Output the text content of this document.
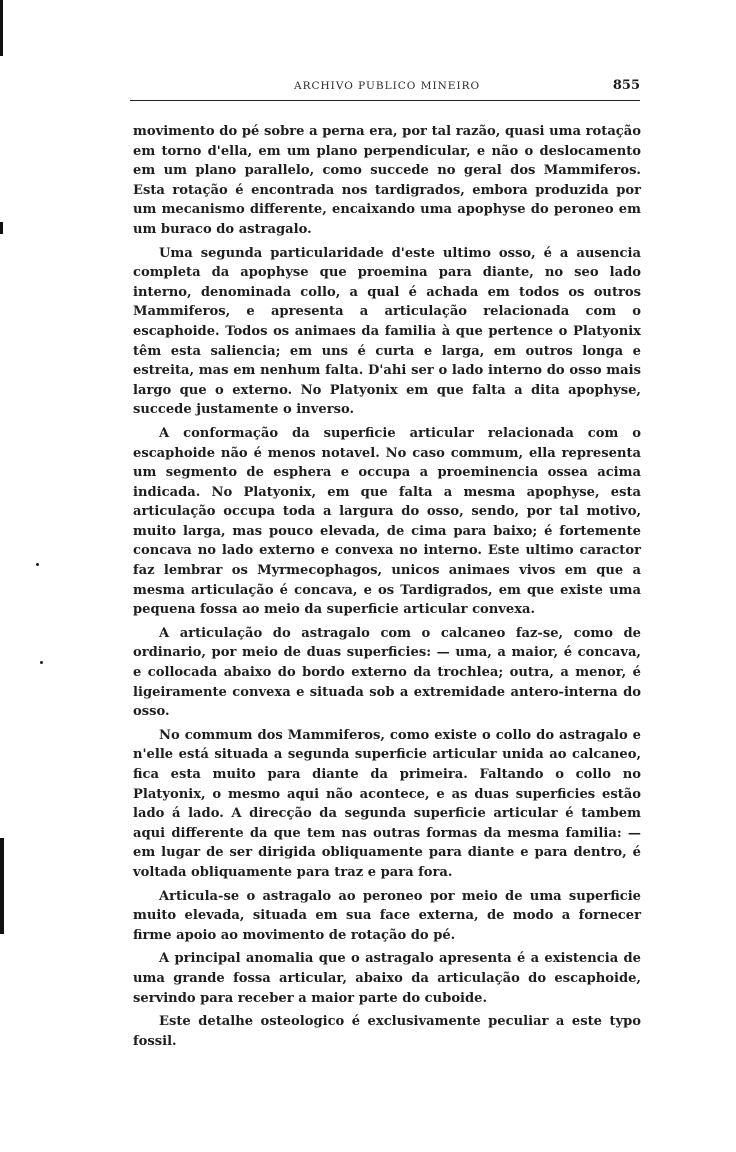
ARCHIVO PUBLICO MINEIRO	855

movimento do pé sobre a perna era, por tal razão, quasi uma rotação em torno d'ella, em um plano perpendicular, e não o deslocamento em um plano parallelo, como succede no geral dos Mammiferos. Esta rotação é encontrada nos tardigrados, embora produzida por um mecanismo differente, encaixando uma apophyse do peroneo em um buraco do astragalo.

Uma segunda particularidade d'este ultimo osso, é a ausencia completa da apophyse que proemina para diante, no seo lado interno, denominada collo, a qual é achada em todos os outros Mammiferos, e apresenta a articulação relacionada com o escaphoide. Todos os animaes da familia à que pertence o Platyonix têm esta saliencia; em uns é curta e larga, em outros longa e estreita, mas em nenhum falta. D'ahi ser o lado interno do osso mais largo que o externo. No Platyonix em que falta a dita apophyse, succede justamente o inverso.

A conformação da superficie articular relacionada com o escaphoide não é menos notavel. No caso commum, ella representa um segmento de esphera e occupa a proeminencia ossea acima indicada. No Platyonix, em que falta a mesma apophyse, esta articulação occupa toda a largura do osso, sendo, por tal motivo, muito larga, mas pouco elevada, de cima para baixo; é fortemente concava no lado externo e convexa no interno. Este ultimo caractor faz lembrar os Myrmecophagos, unicos animaes vivos em que a mesma articulação é concava, e os Tardigrados, em que existe uma pequena fossa ao meio da superficie articular convexa.

A articulação do astragalo com o calcaneo faz-se, como de ordinario, por meio de duas superficies: — uma, a maior, é concava, e collocada abaixo do bordo externo da trochlea; outra, a menor, é ligeiramente convexa e situada sob a extremidade antero-interna do osso.

No commum dos Mammiferos, como existe o collo do astragalo e n'elle está situada a segunda superficie articular unida ao calcaneo, fica esta muito para diante da primeira. Faltando o collo no Platyonix, o mesmo aqui não acontece, e as duas superficies estão lado á lado. A direcção da segunda superficie articular é tambem aqui differente da que tem nas outras formas da mesma familia: — em lugar de ser dirigida obliquamente para diante e para dentro, é voltada obliquamente para traz e para fora.

Articula-se o astragalo ao peroneo por meio de uma superficie muito elevada, situada em sua face externa, de modo a fornecer firme apoio ao movimento de rotação do pé.

A principal anomalia que o astragalo apresenta é a existencia de uma grande fossa articular, abaixo da articulação do escaphoide, servindo para receber a maior parte do cuboide.

Este detalhe osteologico é exclusivamente peculiar a este typo fossil.
